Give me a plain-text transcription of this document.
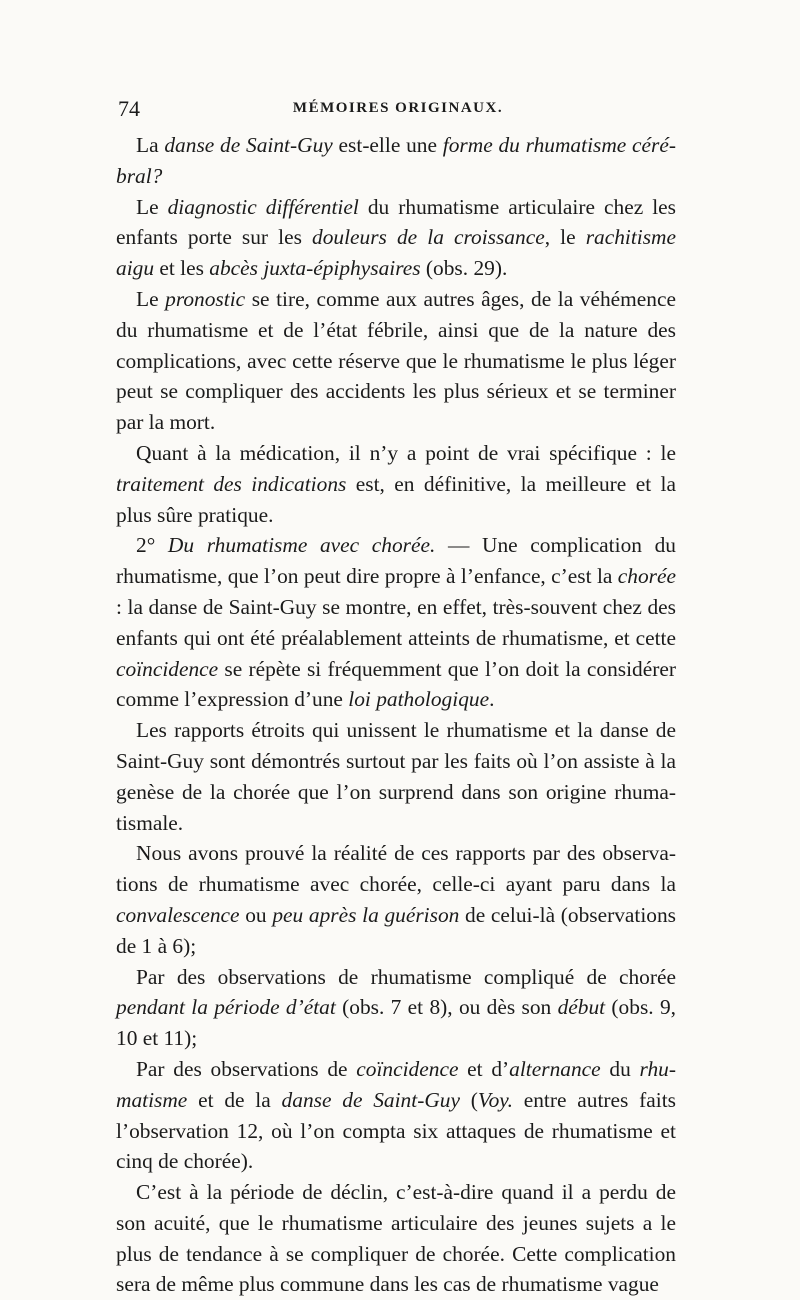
74	MÉMOIRES ORIGINAUX.

La danse de Saint-Guy est-elle une forme du rhumatisme cérébral?

Le diagnostic différentiel du rhumatisme articulaire chez les enfants porte sur les douleurs de la croissance, le rachitisme aigu et les abcès juxta-épiphysaires (obs. 29).

Le pronostic se tire, comme aux autres âges, de la véhémence du rhumatisme et de l’état fébrile, ainsi que de la nature des complications, avec cette réserve que le rhumatisme le plus léger peut se compliquer des accidents les plus sérieux et se terminer par la mort.

Quant à la médication, il n’y a point de vrai spécifique : le traitement des indications est, en définitive, la meilleure et la plus sûre pratique.

2° Du rhumatisme avec chorée. — Une complication du rhumatisme, que l’on peut dire propre à l’enfance, c’est la chorée : la danse de Saint-Guy se montre, en effet, très-souvent chez des enfants qui ont été préalablement atteints de rhumatisme, et cette coïncidence se répète si fréquemment que l’on doit la considérer comme l’expression d’une loi pathologique.

Les rapports étroits qui unissent le rhumatisme et la danse de Saint-Guy sont démontrés surtout par les faits où l’on assiste à la genèse de la chorée que l’on surprend dans son origine rhumatismale.

Nous avons prouvé la réalité de ces rapports par des observations de rhumatisme avec chorée, celle-ci ayant paru dans la convalescence ou peu après la guérison de celui-là (observations de 1 à 6);

Par des observations de rhumatisme compliqué de chorée pendant la période d’état (obs. 7 et 8), ou dès son début (obs. 9, 10 et 11);

Par des observations de coïncidence et d’alternance du rhumatisme et de la danse de Saint-Guy (Voy. entre autres faits l’observation 12, où l’on compta six attaques de rhumatisme et cinq de chorée).

C’est à la période de déclin, c’est-à-dire quand il a perdu de son acuité, que le rhumatisme articulaire des jeunes sujets a le plus de tendance à se compliquer de chorée. Cette complication sera de même plus commune dans les cas de rhumatisme vague
